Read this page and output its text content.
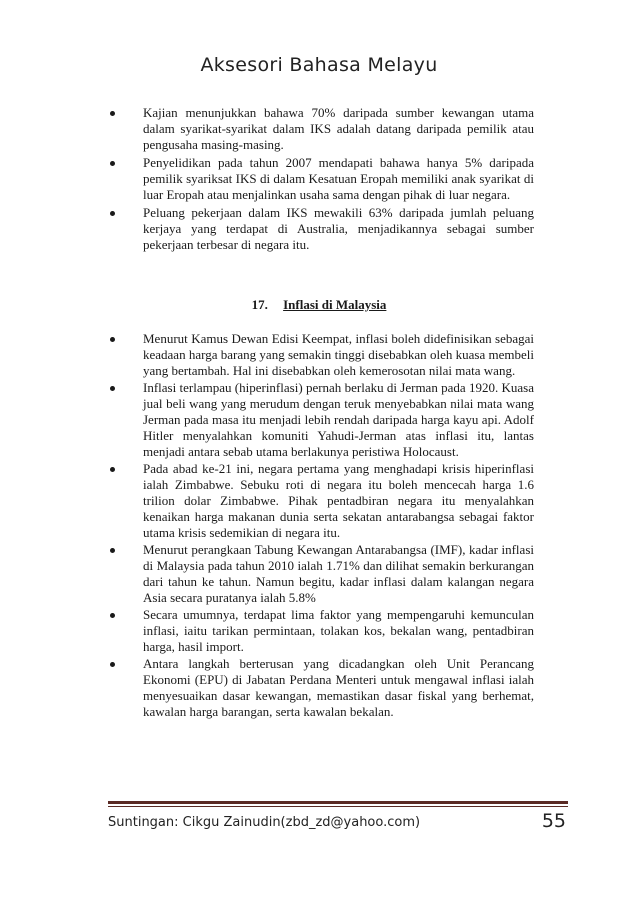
Aksesori Bahasa Melayu
Kajian menunjukkan bahawa 70% daripada sumber kewangan utama dalam syarikat-syarikat dalam IKS adalah datang daripada pemilik atau pengusaha masing-masing.
Penyelidikan pada tahun 2007 mendapati bahawa hanya 5% daripada pemilik syariksat IKS di dalam Kesatuan Eropah memiliki anak syarikat di luar Eropah atau menjalinkan usaha sama dengan pihak di luar negara.
Peluang pekerjaan dalam IKS mewakili 63% daripada jumlah peluang kerjaya yang terdapat di Australia, menjadikannya sebagai sumber pekerjaan terbesar di negara itu.
17. Inflasi di Malaysia
Menurut Kamus Dewan Edisi Keempat, inflasi boleh didefinisikan sebagai keadaan harga barang yang semakin tinggi disebabkan oleh kuasa membeli yang bertambah. Hal ini disebabkan oleh kemerosotan nilai mata wang.
Inflasi terlampau (hiperinflasi) pernah berlaku di Jerman pada 1920. Kuasa jual beli wang yang merudum dengan teruk menyebabkan nilai mata wang Jerman pada masa itu menjadi lebih rendah daripada harga kayu api. Adolf Hitler menyalahkan komuniti Yahudi-Jerman atas inflasi itu, lantas menjadi antara sebab utama berlakunya peristiwa Holocaust.
Pada abad ke-21 ini, negara pertama yang menghadapi krisis hiperinflasi ialah Zimbabwe. Sebuku roti di negara itu boleh mencecah harga 1.6 trilion dolar Zimbabwe. Pihak pentadbiran negara itu menyalahkan kenaikan harga makanan dunia serta sekatan antarabangsa sebagai faktor utama krisis sedemikian di negara itu.
Menurut perangkaan Tabung Kewangan Antarabangsa (IMF), kadar inflasi di Malaysia pada tahun 2010 ialah 1.71% dan dilihat semakin berkurangan dari tahun ke tahun. Namun begitu, kadar inflasi dalam kalangan negara Asia secara puratanya ialah 5.8%
Secara umumnya, terdapat lima faktor yang mempengaruhi kemunculan inflasi, iaitu tarikan permintaan, tolakan kos, bekalan wang, pentadbiran harga, hasil import.
Antara langkah berterusan yang dicadangkan oleh Unit Perancang Ekonomi (EPU) di Jabatan Perdana Menteri untuk mengawal inflasi ialah menyesuaikan dasar kewangan, memastikan dasar fiskal yang berhemat, kawalan harga barangan, serta kawalan bekalan.
Suntingan: Cikgu Zainudin(zbd_zd@yahoo.com)	55
